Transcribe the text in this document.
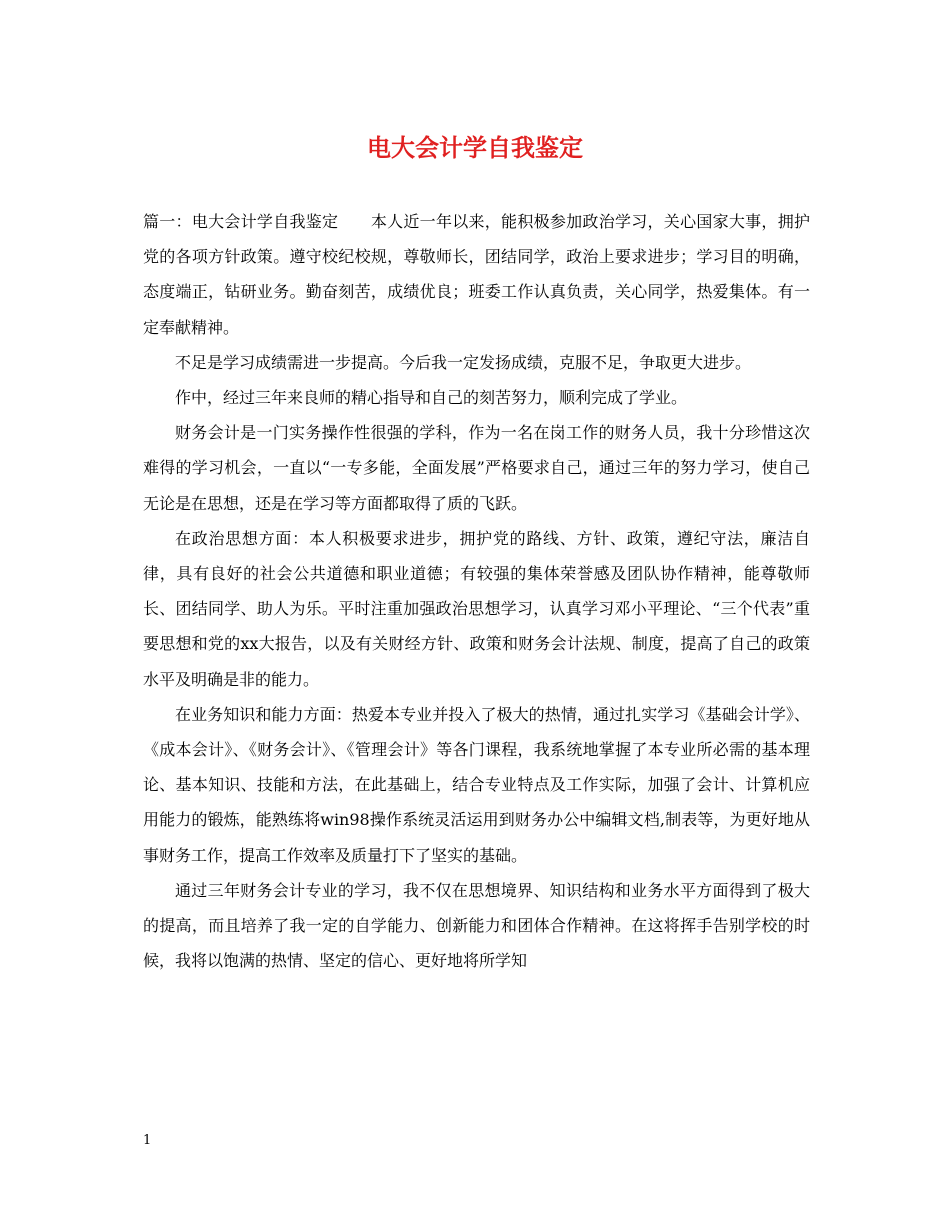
电大会计学自我鉴定

篇一：电大会计学自我鉴定　　本人近一年以来，能积极参加政治学习，关心国家大事，拥护党的各项方针政策。遵守校纪校规，尊敬师长，团结同学，政治上要求进步；学习目的明确，态度端正，钻研业务。勤奋刻苦，成绩优良；班委工作认真负责，关心同学，热爱集体。有一定奉献精神。

不足是学习成绩需进一步提高。今后我一定发扬成绩，克服不足，争取更大进步。

作中，经过三年来良师的精心指导和自己的刻苦努力，顺利完成了学业。

财务会计是一门实务操作性很强的学科，作为一名在岗工作的财务人员，我十分珍惜这次难得的学习机会，一直以“一专多能，全面发展”严格要求自己，通过三年的努力学习，使自己无论是在思想，还是在学习等方面都取得了质的飞跃。

在政治思想方面：本人积极要求进步，拥护党的路线、方针、政策，遵纪守法，廉洁自律，具有良好的社会公共道德和职业道德；有较强的集体荣誉感及团队协作精神，能尊敬师长、团结同学、助人为乐。平时注重加强政治思想学习，认真学习邓小平理论、“三个代表”重要思想和党的xx大报告，以及有关财经方针、政策和财务会计法规、制度，提高了自己的政策水平及明确是非的能力。

在业务知识和能力方面：热爱本专业并投入了极大的热情，通过扎实学习《基础会计学》、《成本会计》、《财务会计》、《管理会计》等各门课程，我系统地掌握了本专业所必需的基本理论、基本知识、技能和方法，在此基础上，结合专业特点及工作实际，加强了会计、计算机应用能力的锻炼，能熟练将win98操作系统灵活运用到财务办公中编辑文档,制表等，为更好地从事财务工作，提高工作效率及质量打下了坚实的基础。

通过三年财务会计专业的学习，我不仅在思想境界、知识结构和业务水平方面得到了极大的提高，而且培养了我一定的自学能力、创新能力和团体合作精神。在这将挥手告别学校的时候，我将以饱满的热情、坚定的信心、更好地将所学知

1
